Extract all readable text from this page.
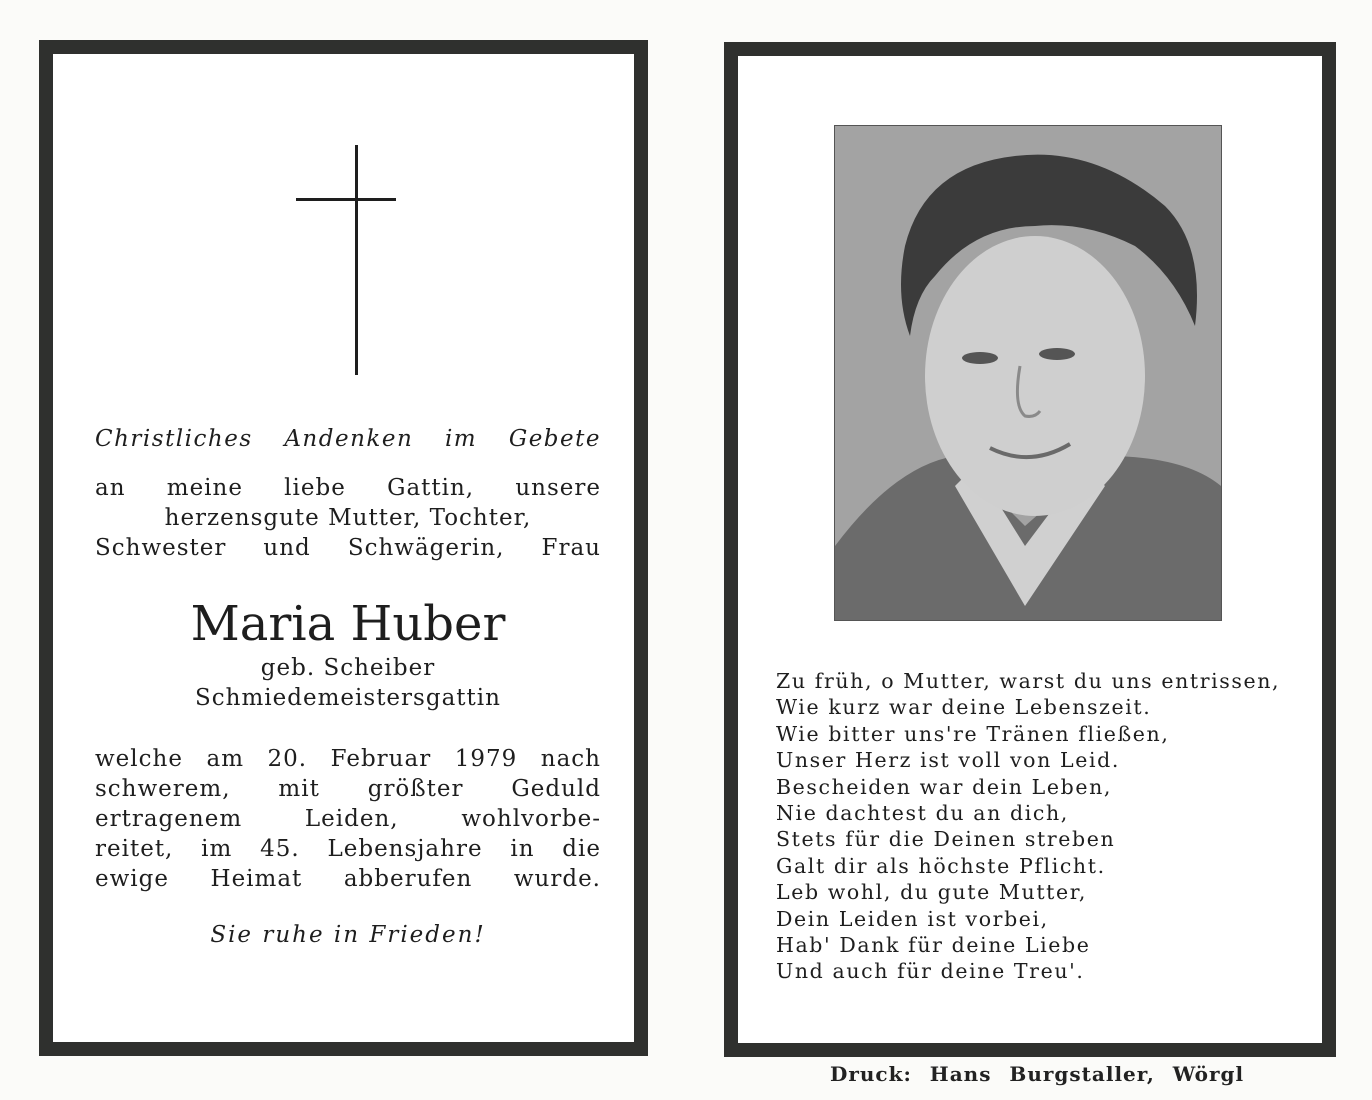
Christliches Andenken im Gebete
an meine liebe Gattin, unsere
herzensgute Mutter, Tochter,
Schwester und Schwägerin, Frau
Maria Huber
geb. Scheiber
Schmiedemeistersgattin
welche am 20. Februar 1979 nach
schwerem, mit größter Geduld
ertragenem Leiden, wohlvorbe-
reitet, im 45. Lebensjahre in die
ewige Heimat abberufen wurde.
Sie ruhe in Frieden!
Zu früh, o Mutter, warst du uns entrissen,
Wie kurz war deine Lebenszeit.
Wie bitter uns're Tränen fließen,
Unser Herz ist voll von Leid.
Bescheiden war dein Leben,
Nie dachtest du an dich,
Stets für die Deinen streben
Galt dir als höchste Pflicht.
Leb wohl, du gute Mutter,
Dein Leiden ist vorbei,
Hab' Dank für deine Liebe
Und auch für deine Treu'.
Druck: Hans Burgstaller, Wörgl
